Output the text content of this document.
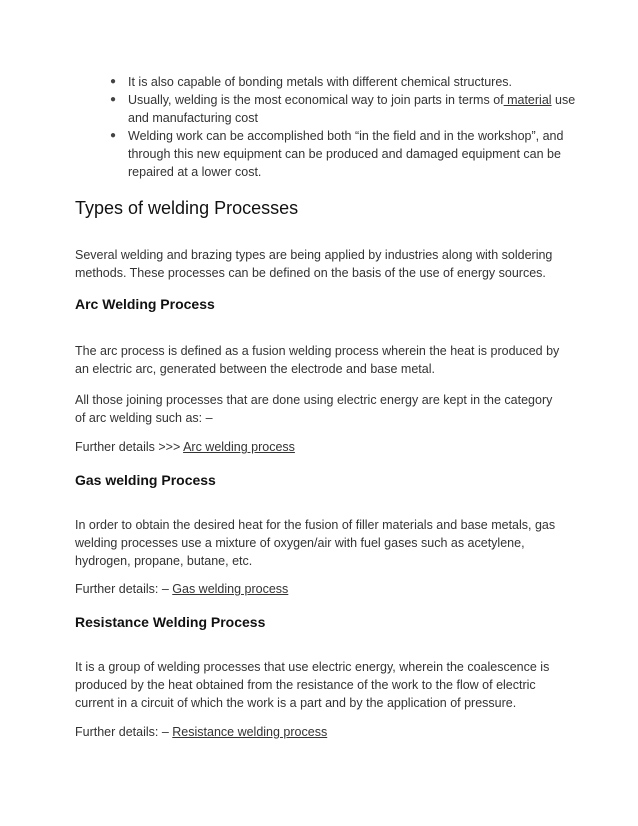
● It is also capable of bonding metals with different chemical structures.
● Usually, welding is the most economical way to join parts in terms of material use and manufacturing cost
● Welding work can be accomplished both “in the field and in the workshop”, and through this new equipment can be produced and damaged equipment can be repaired at a lower cost.
Types of welding Processes

Several welding and brazing types are being applied by industries along with soldering methods. These processes can be defined on the basis of the use of energy sources.

Arc Welding Process

The arc process is defined as a fusion welding process wherein the heat is produced by an electric arc, generated between the electrode and base metal.

All those joining processes that are done using electric energy are kept in the category of arc welding such as: –

Further details >>> Arc welding process

Gas welding Process

In order to obtain the desired heat for the fusion of filler materials and base metals, gas welding processes use a mixture of oxygen/air with fuel gases such as acetylene, hydrogen, propane, butane, etc.

Further details: – Gas welding process

Resistance Welding Process

It is a group of welding processes that use electric energy, wherein the coalescence is produced by the heat obtained from the resistance of the work to the flow of electric current in a circuit of which the work is a part and by the application of pressure.

Further details: – Resistance welding process
